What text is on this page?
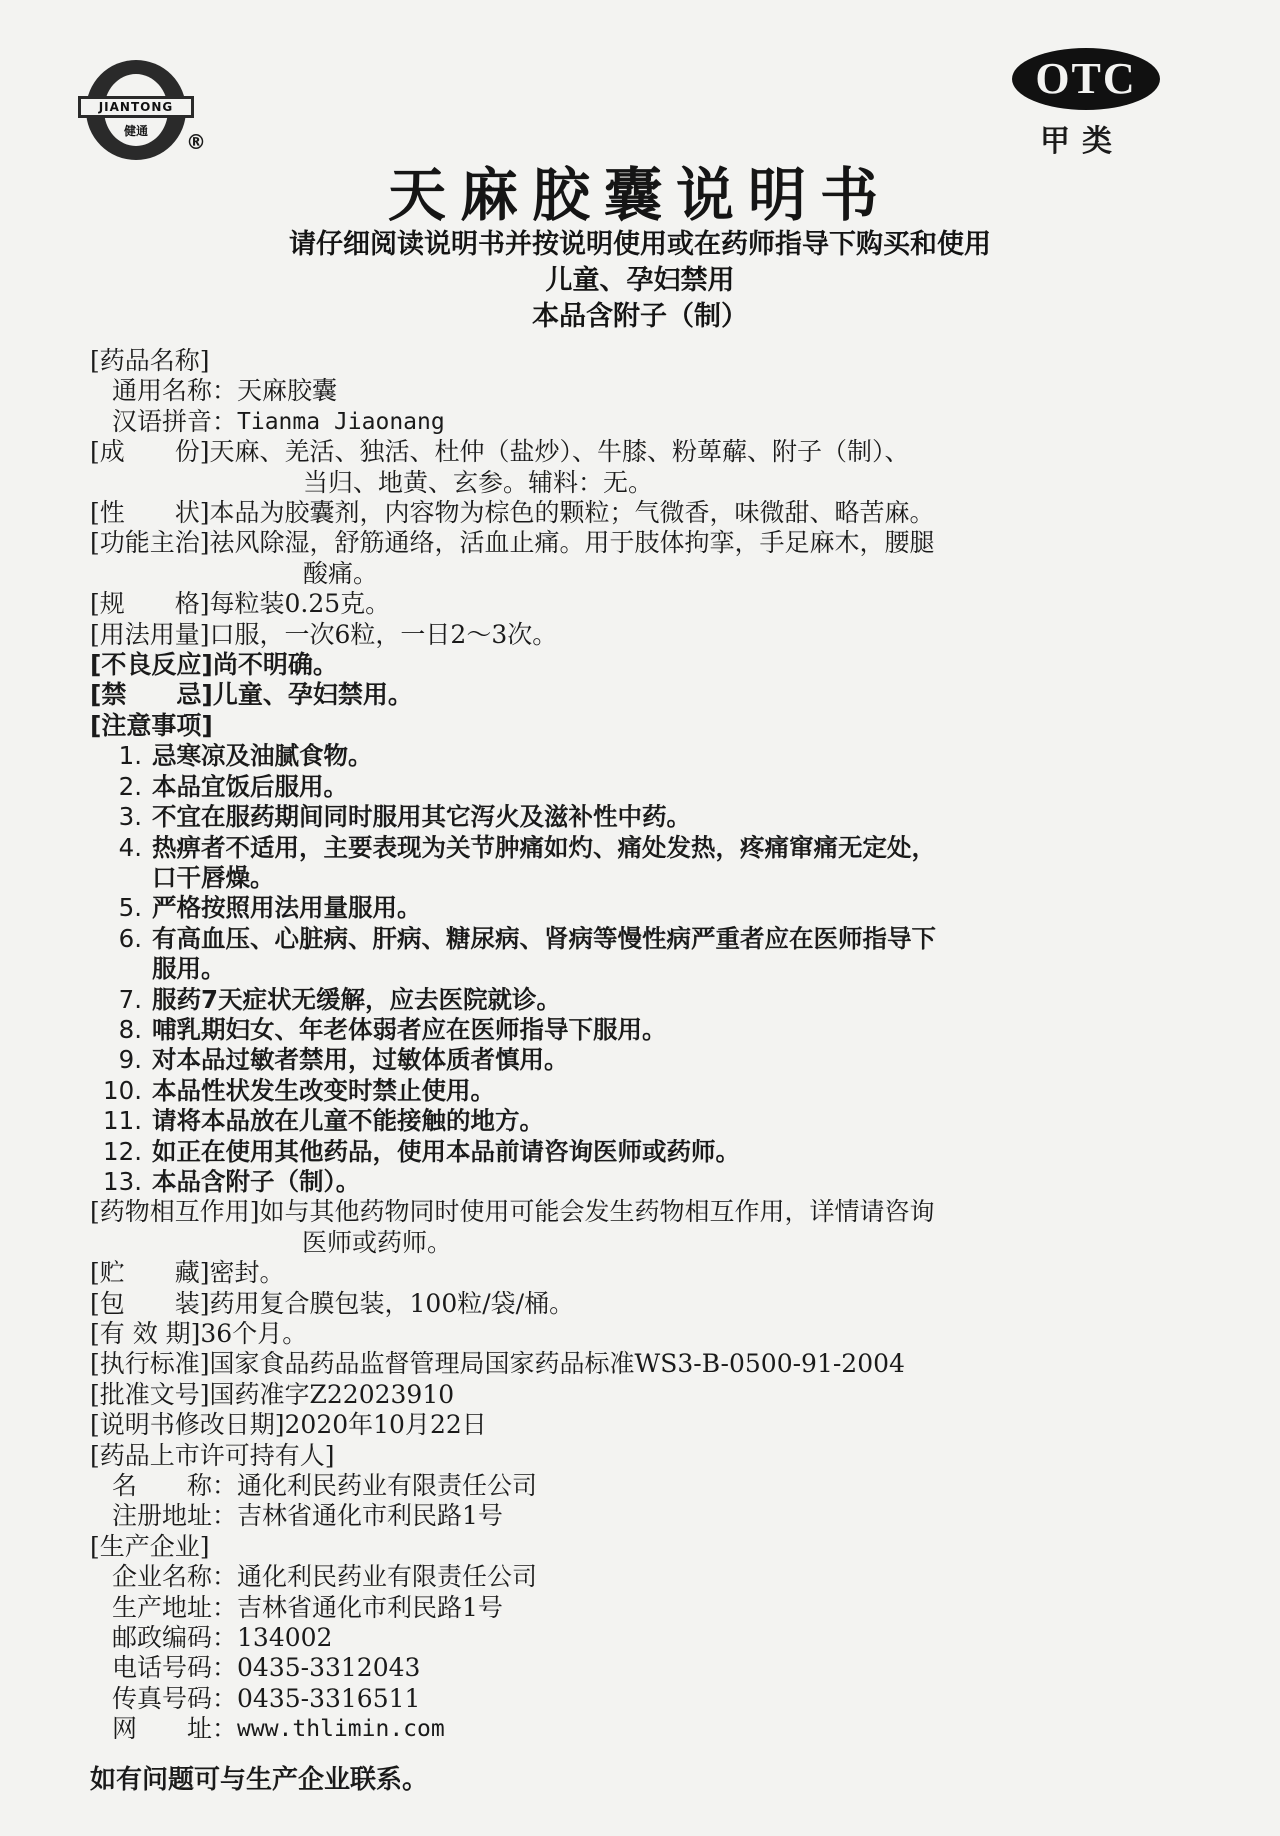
JIANTONG
健通	®
OTC
甲类
天麻胶囊说明书
请仔细阅读说明书并按说明使用或在药师指导下购买和使用
儿童、孕妇禁用
本品含附子（制）
[药品名称]
通用名称： 天麻胶囊
汉语拼音： Tianma Jiaonang
[成　　份] 天麻、羌活、独活、杜仲（盐炒）、牛膝、粉萆薢、附子（制）、
当归、地黄、玄参。辅料：无。
[性　　状] 本品为胶囊剂，内容物为棕色的颗粒；气微香，味微甜、略苦麻。
[功能主治] 祛风除湿，舒筋通络，活血止痛。用于肢体拘挛，手足麻木，腰腿
酸痛。
[规　　格] 每粒装0.25克。
[用法用量] 口服，一次6粒，一日2～3次。
[不良反应] 尚不明确。
[禁　　忌] 儿童、孕妇禁用。
[注意事项]
1. 忌寒凉及油腻食物。
2. 本品宜饭后服用。
3. 不宜在服药期间同时服用其它泻火及滋补性中药。
4. 热痹者不适用，主要表现为关节肿痛如灼、痛处发热，疼痛窜痛无定处，
口干唇燥。
5. 严格按照用法用量服用。
6. 有高血压、心脏病、肝病、糖尿病、肾病等慢性病严重者应在医师指导下
服用。
7. 服药7天症状无缓解，应去医院就诊。
8. 哺乳期妇女、年老体弱者应在医师指导下服用。
9. 对本品过敏者禁用，过敏体质者慎用。
10. 本品性状发生改变时禁止使用。
11. 请将本品放在儿童不能接触的地方。
12. 如正在使用其他药品，使用本品前请咨询医师或药师。
13. 本品含附子（制）。
[药物相互作用] 如与其他药物同时使用可能会发生药物相互作用，详情请咨询
医师或药师。
[贮　　藏] 密封。
[包　　装] 药用复合膜包装，100粒/袋/桶。
[有 效 期] 36个月。
[执行标准] 国家食品药品监督管理局国家药品标准WS3-B-0500-91-2004
[批准文号] 国药准字Z22023910
[说明书修改日期] 2020年10月22日
[药品上市许可持有人]
名　　称： 通化利民药业有限责任公司
注册地址： 吉林省通化市利民路1号
[生产企业]
企业名称： 通化利民药业有限责任公司
生产地址： 吉林省通化市利民路1号
邮政编码： 134002
电话号码： 0435-3312043
传真号码： 0435-3316511
网　　址： www.thlimin.com
如有问题可与生产企业联系。
